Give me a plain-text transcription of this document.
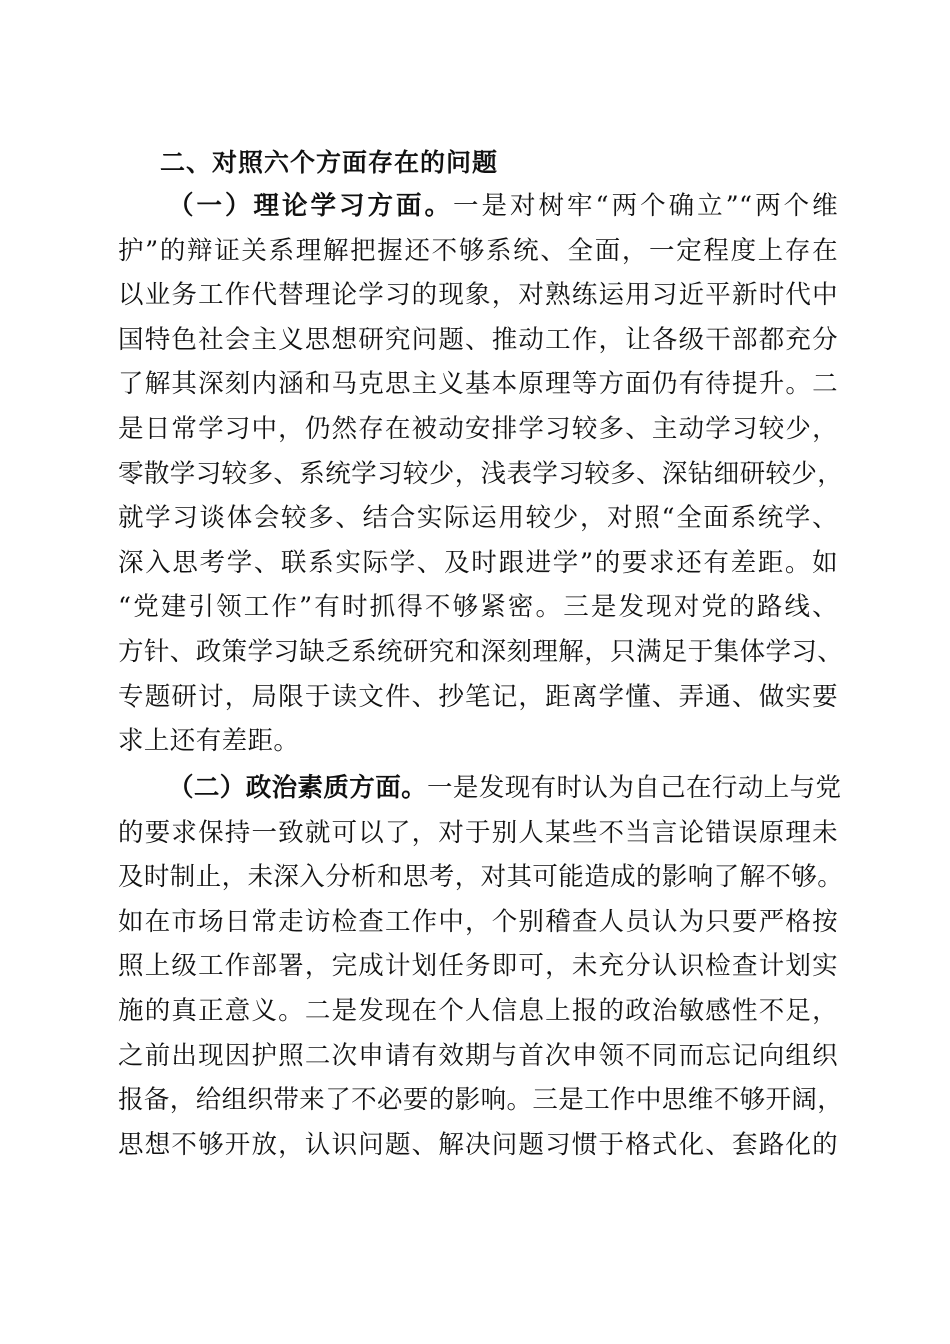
二、对照六个方面存在的问题
（一）理论学习方面。一是对树牢“两个确立”“两个维
护”的辩证关系理解把握还不够系统、全面，一定程度上存在
以业务工作代替理论学习的现象，对熟练运用习近平新时代中
国特色社会主义思想研究问题、推动工作，让各级干部都充分
了解其深刻内涵和马克思主义基本原理等方面仍有待提升。二
是日常学习中，仍然存在被动安排学习较多、主动学习较少，
零散学习较多、系统学习较少，浅表学习较多、深钻细研较少，
就学习谈体会较多、结合实际运用较少，对照“全面系统学、
深入思考学、联系实际学、及时跟进学”的要求还有差距。如
“党建引领工作”有时抓得不够紧密。三是发现对党的路线、
方针、政策学习缺乏系统研究和深刻理解，只满足于集体学习、
专题研讨，局限于读文件、抄笔记，距离学懂、弄通、做实要
求上还有差距。
（二）政治素质方面。一是发现有时认为自己在行动上与党
的要求保持一致就可以了，对于别人某些不当言论错误原理未
及时制止，未深入分析和思考，对其可能造成的影响了解不够。
如在市场日常走访检查工作中，个别稽查人员认为只要严格按
照上级工作部署，完成计划任务即可，未充分认识检查计划实
施的真正意义。二是发现在个人信息上报的政治敏感性不足，
之前出现因护照二次申请有效期与首次申领不同而忘记向组织
报备，给组织带来了不必要的影响。三是工作中思维不够开阔，
思想不够开放，认识问题、解决问题习惯于格式化、套路化的
